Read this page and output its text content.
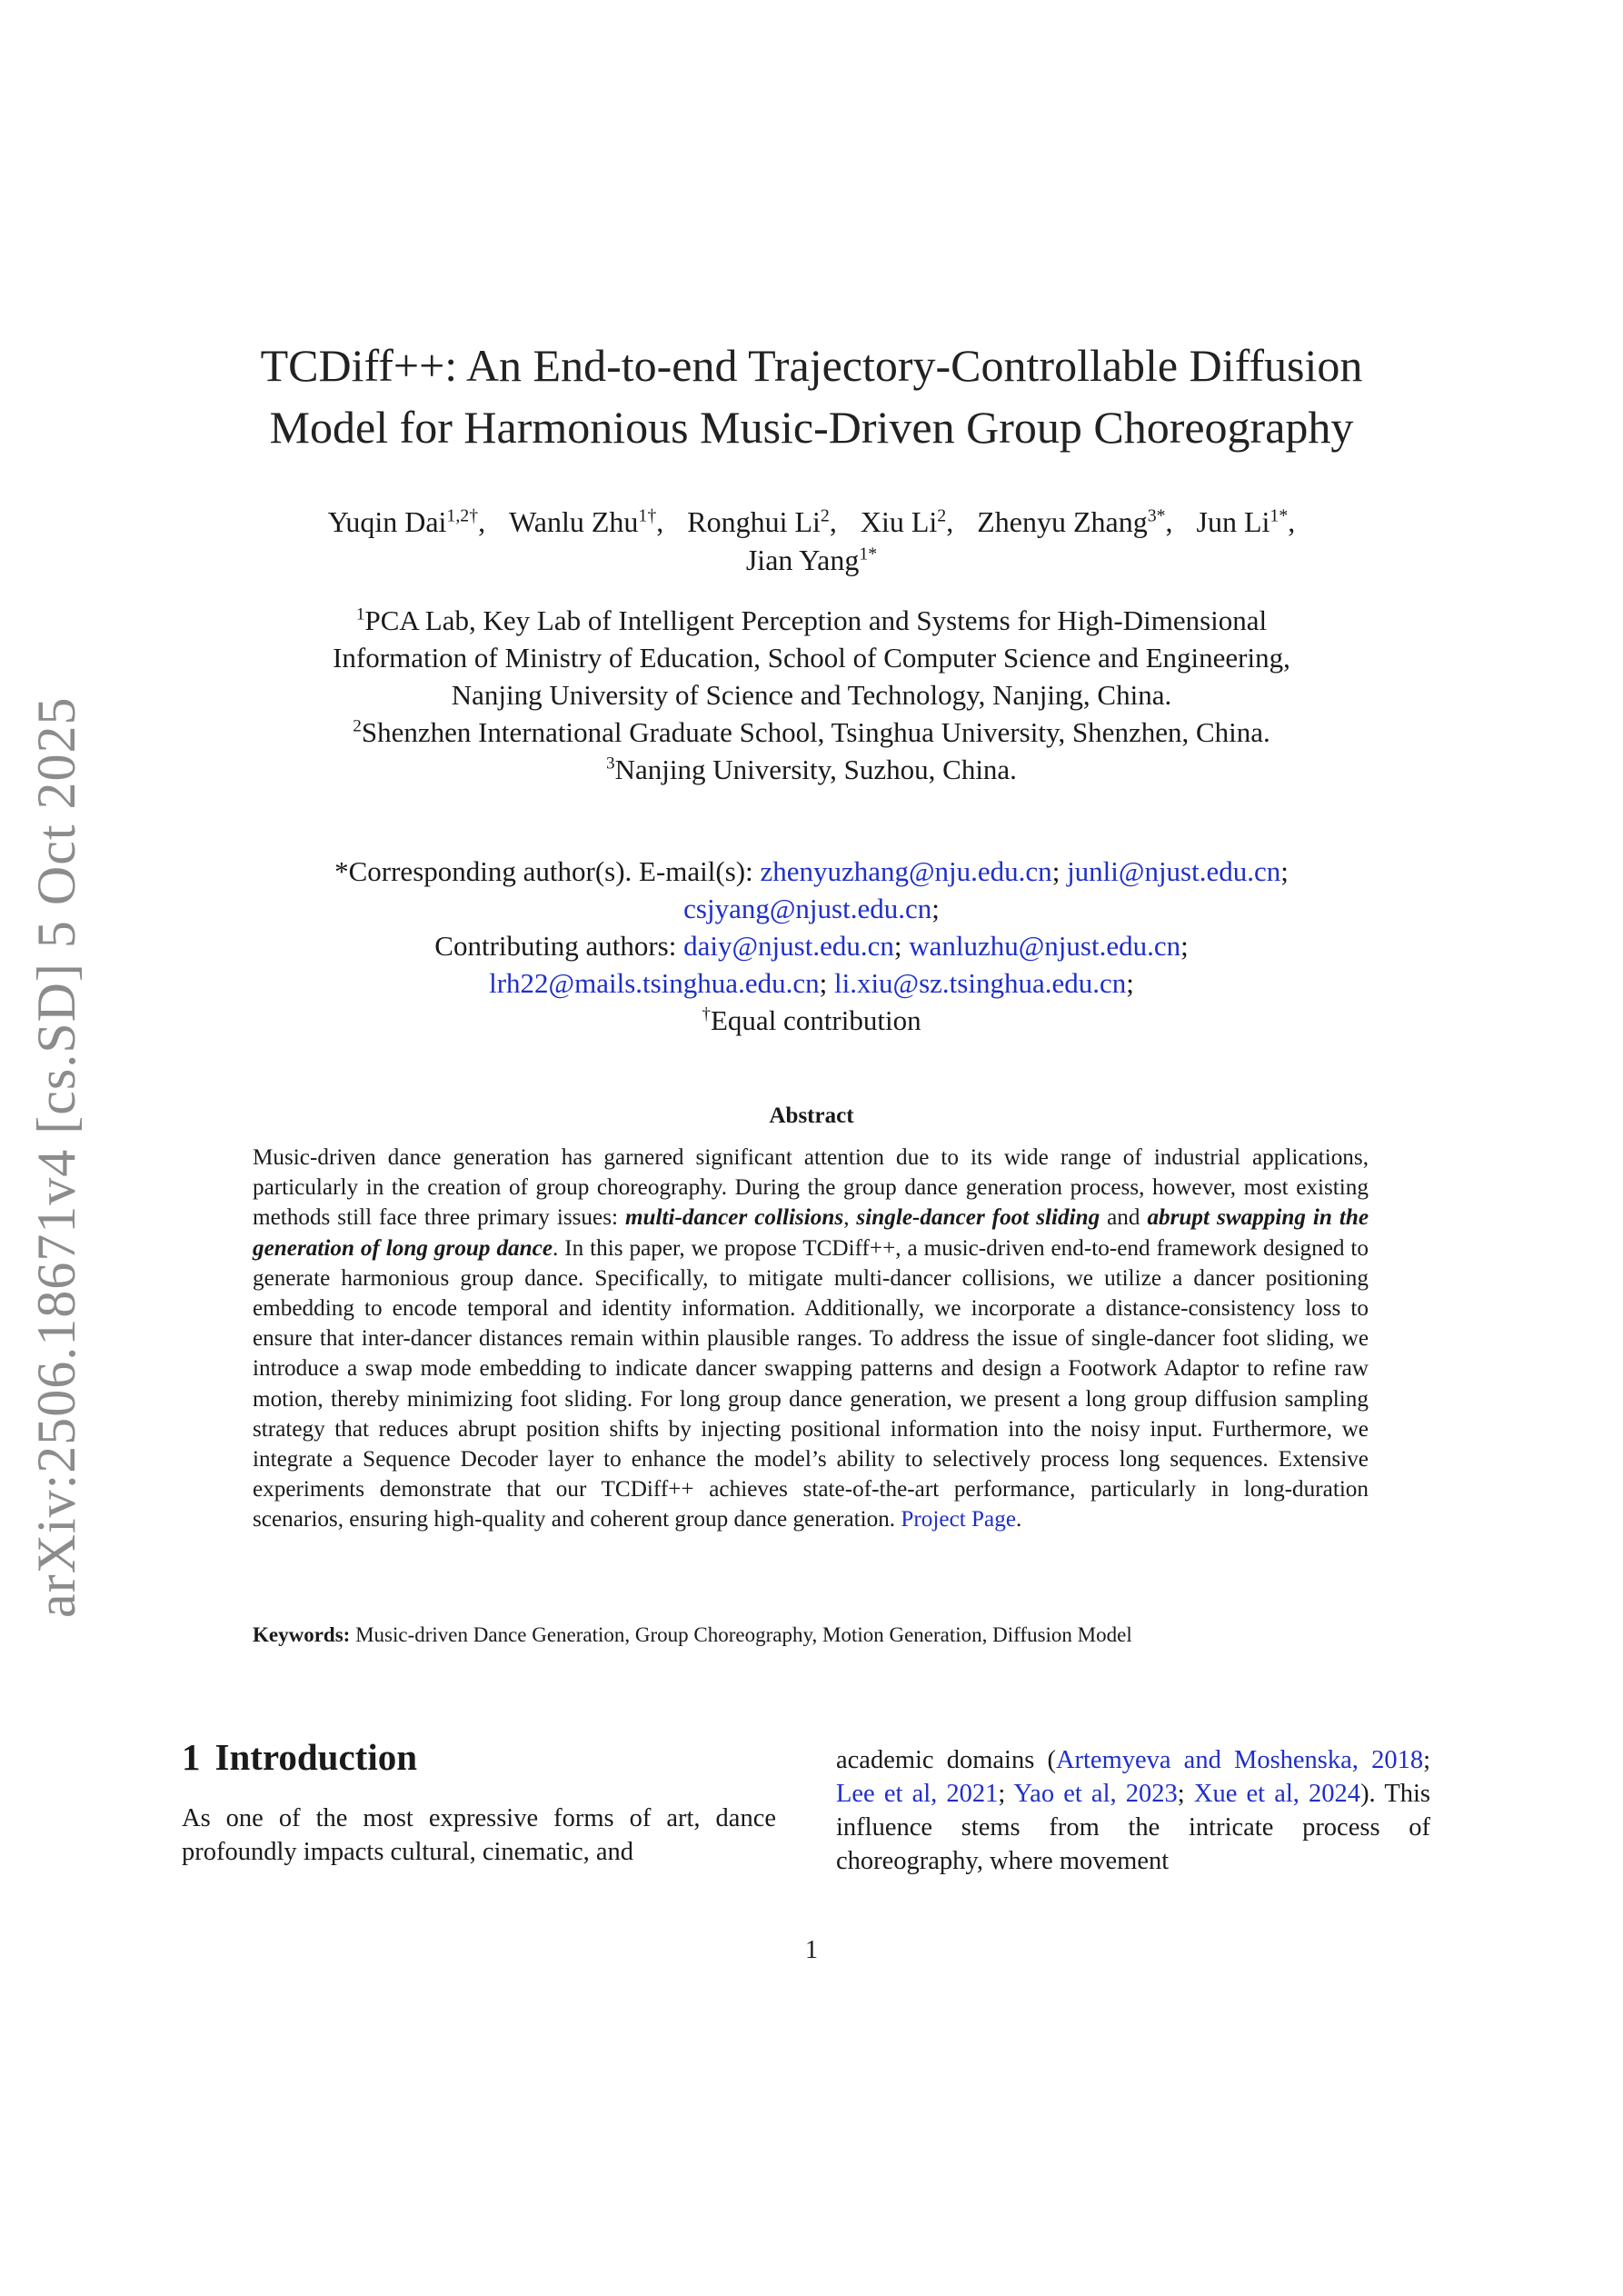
arXiv:2506.18671v4 [cs.SD] 5 Oct 2025
TCDiff++: An End-to-end Trajectory-Controllable Diffusion
Model for Harmonious Music-Driven Group Choreography
Yuqin Dai$^{1,2\dagger}$, Wanlu Zhu$^{1\dagger}$, Ronghui Li$^2$, Xiu Li$^2$, Zhenyu Zhang$^{3*}$, Jun $Li^{1*}$,
Jian Yang$^{1*}$
$^1$PCA Lab, Key Lab of Intelligent Perception and Systems for High-Dimensional
Information of Ministry of Education, School of Computer Science and Engineering,
Nanjing University of Science and Technology, Nanjing, China.
$^2$Shenzhen International Graduate School, Tsinghua University, Shenzhen, China.
$^3$Nanjing University, Suzhou, China.
*Corresponding author(s). E-mail(s): zhenyuzhang@nju.edu.cn; junli@njust.edu.cn;
csjyang@njust.edu.cn;
Contributing authors: daiy@njust.edu.cn; wanluzhu@njust.edu.cn;
lrh22@mails.tsinghua.edu.cn; li.xiu@sz.tsinghua.edu.cn;
†Equal contribution
Abstract

Music-driven dance generation has garnered significant attention due to its wide range of industrial applications, particularly in the creation of group choreography. During the group dance generation process, however, most existing methods still face three primary issues: multi-dancer collisions, single-dancer foot sliding and abrupt swapping in the generation of long group dance. In this paper, we propose TCDiff++, a music-driven end-to-end framework designed to generate harmonious group dance. Specifically, to mitigate multi-dancer collisions, we utilize a dancer positioning embedding to encode temporal and identity information. Additionally, we incorporate a distance-consistency loss to ensure that inter-dancer distances remain within plausible ranges. To address the issue of single-dancer foot sliding, we introduce a swap mode embedding to indicate dancer swapping patterns and design a Footwork Adaptor to refine raw motion, thereby minimizing foot sliding. For long group dance generation, we present a long group diffusion sampling strategy that reduces abrupt position shifts by injecting positional information into the noisy input. Furthermore, we integrate a Sequence Decoder layer to enhance the model’s ability to selectively process long sequences. Extensive experiments demonstrate that our TCDiff++ achieves state-of-the-art performance, particularly in long-duration scenarios, ensuring high-quality and coherent group dance generation. Project Page.

Keywords: Music-driven Dance Generation, Group Choreography, Motion Generation, Diffusion Model

1 Introduction

As one of the most expressive forms of art, dance profoundly impacts cultural, cinematic, and

academic domains (Artemyeva and Moshenska, 2018; Lee et al, 2021; Yao et al, 2023; Xue et al, 2024). This influence stems from the intricate process of choreography, where movement

1
